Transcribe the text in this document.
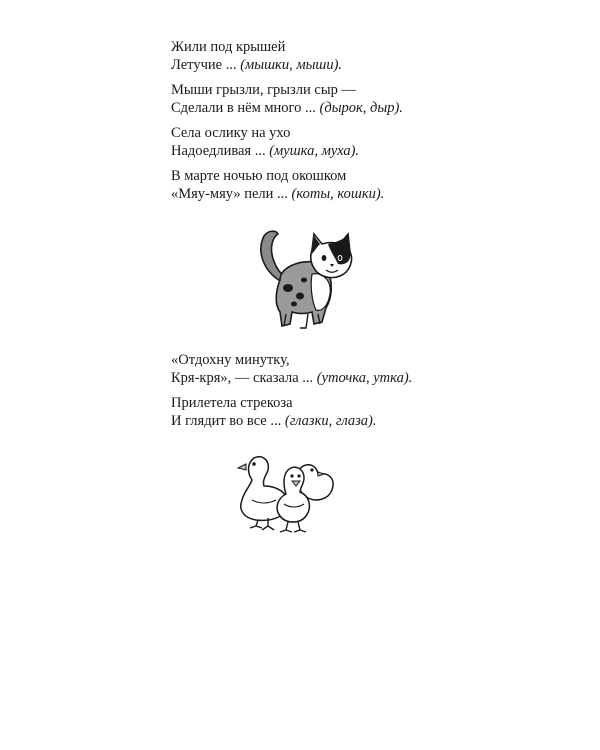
Жили под крышей
Летучие ... (мышки, мыши).
Мыши грызли, грызли сыр —
Сделали в нём много ... (дырок, дыр).
Села ослику на ухо
Надоедливая ... (мушка, муха).
В марте ночью под окошком
«Мяу-мяу» пели ... (коты, кошки).
«Отдохну минутку,
Кря-кря», — сказала ... (уточка, утка).
Прилетела стрекоза
И глядит во все ... (глазки, глаза).
